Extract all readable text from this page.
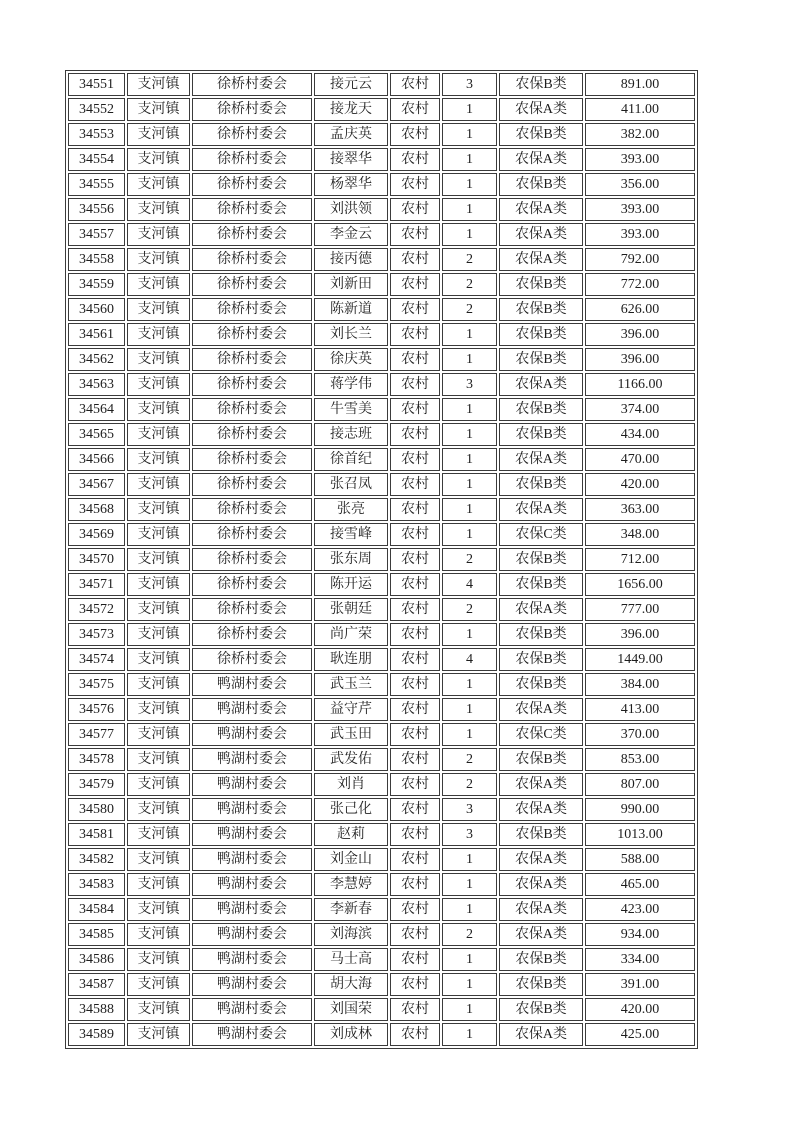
34551	支河镇	徐桥村委会	接元云	农村	3	农保B类	891.00
34552	支河镇	徐桥村委会	接龙天	农村	1	农保A类	411.00
34553	支河镇	徐桥村委会	孟庆英	农村	1	农保B类	382.00
34554	支河镇	徐桥村委会	接翠华	农村	1	农保A类	393.00
34555	支河镇	徐桥村委会	杨翠华	农村	1	农保B类	356.00
34556	支河镇	徐桥村委会	刘洪领	农村	1	农保A类	393.00
34557	支河镇	徐桥村委会	李金云	农村	1	农保A类	393.00
34558	支河镇	徐桥村委会	接丙德	农村	2	农保A类	792.00
34559	支河镇	徐桥村委会	刘新田	农村	2	农保B类	772.00
34560	支河镇	徐桥村委会	陈新道	农村	2	农保B类	626.00
34561	支河镇	徐桥村委会	刘长兰	农村	1	农保B类	396.00
34562	支河镇	徐桥村委会	徐庆英	农村	1	农保B类	396.00
34563	支河镇	徐桥村委会	蒋学伟	农村	3	农保A类	1166.00
34564	支河镇	徐桥村委会	牛雪美	农村	1	农保B类	374.00
34565	支河镇	徐桥村委会	接志班	农村	1	农保B类	434.00
34566	支河镇	徐桥村委会	徐首纪	农村	1	农保A类	470.00
34567	支河镇	徐桥村委会	张召凤	农村	1	农保B类	420.00
34568	支河镇	徐桥村委会	张亮	农村	1	农保A类	363.00
34569	支河镇	徐桥村委会	接雪峰	农村	1	农保C类	348.00
34570	支河镇	徐桥村委会	张东周	农村	2	农保B类	712.00
34571	支河镇	徐桥村委会	陈开运	农村	4	农保B类	1656.00
34572	支河镇	徐桥村委会	张朝廷	农村	2	农保A类	777.00
34573	支河镇	徐桥村委会	尚广荣	农村	1	农保B类	396.00
34574	支河镇	徐桥村委会	耿连朋	农村	4	农保B类	1449.00
34575	支河镇	鸭湖村委会	武玉兰	农村	1	农保B类	384.00
34576	支河镇	鸭湖村委会	益守芹	农村	1	农保A类	413.00
34577	支河镇	鸭湖村委会	武玉田	农村	1	农保C类	370.00
34578	支河镇	鸭湖村委会	武发佑	农村	2	农保B类	853.00
34579	支河镇	鸭湖村委会	刘肖	农村	2	农保A类	807.00
34580	支河镇	鸭湖村委会	张己化	农村	3	农保A类	990.00
34581	支河镇	鸭湖村委会	赵莉	农村	3	农保B类	1013.00
34582	支河镇	鸭湖村委会	刘金山	农村	1	农保A类	588.00
34583	支河镇	鸭湖村委会	李慧婷	农村	1	农保A类	465.00
34584	支河镇	鸭湖村委会	李新春	农村	1	农保A类	423.00
34585	支河镇	鸭湖村委会	刘海滨	农村	2	农保A类	934.00
34586	支河镇	鸭湖村委会	马士高	农村	1	农保B类	334.00
34587	支河镇	鸭湖村委会	胡大海	农村	1	农保B类	391.00
34588	支河镇	鸭湖村委会	刘国荣	农村	1	农保B类	420.00
34589	支河镇	鸭湖村委会	刘成林	农村	1	农保A类	425.00
